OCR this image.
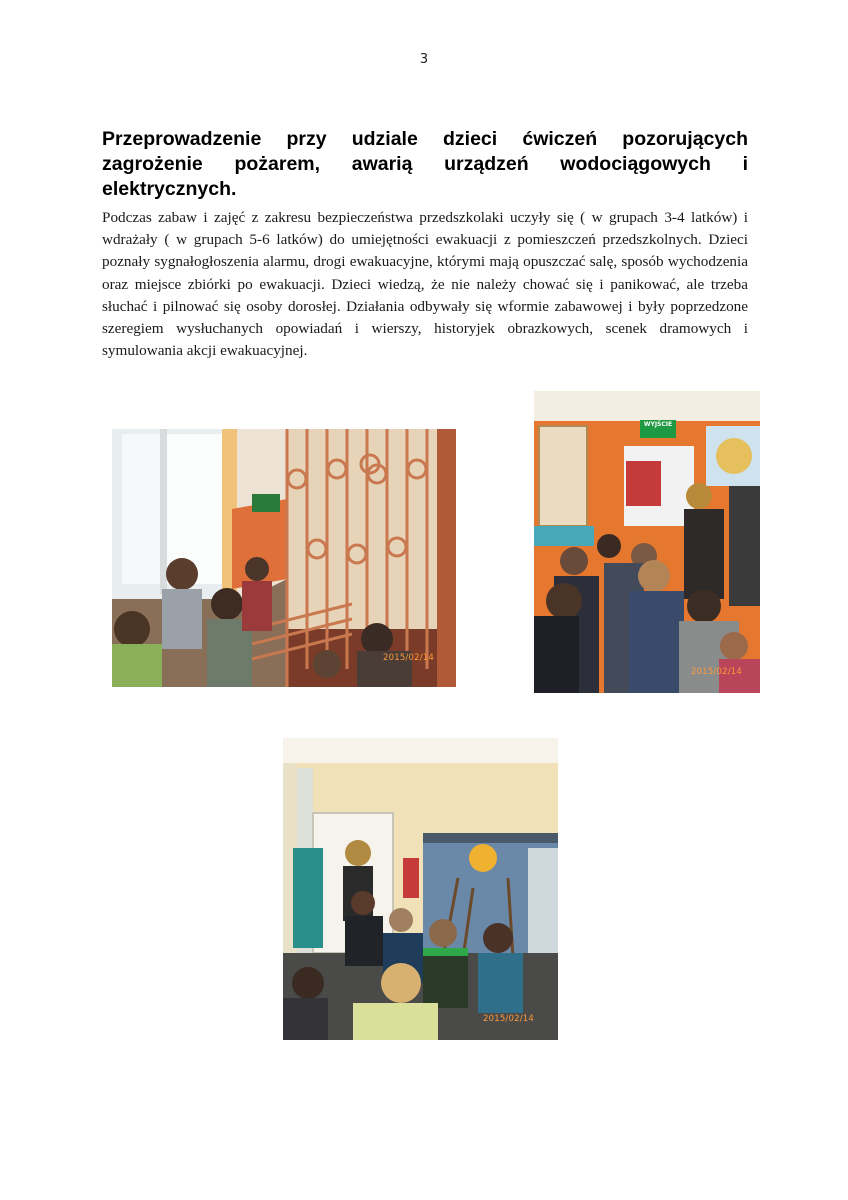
3
Przeprowadzenie przy udziale dzieci ćwiczeń pozorujących zagrożenie pożarem, awarią urządzeń wodociągowych i elektrycznych.

Podczas zabaw i zajęć z zakresu bezpieczeństwa przedszkolaki uczyły się ( w grupach 3-4 latków) i wdrażały ( w grupach 5-6 latków) do umiejętności ewakuacji z pomieszczeń przedszkolnych. Dzieci poznały sygnałogłoszenia alarmu, drogi ewakuacyjne, którymi mają opuszczać salę, sposób wychodzenia oraz miejsce zbiórki po ewakuacji. Dzieci wiedzą, że nie należy chować się i panikować, ale trzeba słuchać i pilnować się osoby dorosłej. Działania odbywały się wformie zabawowej i były poprzedzone szeregiem wysłuchanych opowiadań i wierszy, historyjek obrazkowych, scenek dramowych i symulowania akcji ewakuacyjnej.

2015/02/14
WYJŚCIE
2015/02/14
2015/02/14
